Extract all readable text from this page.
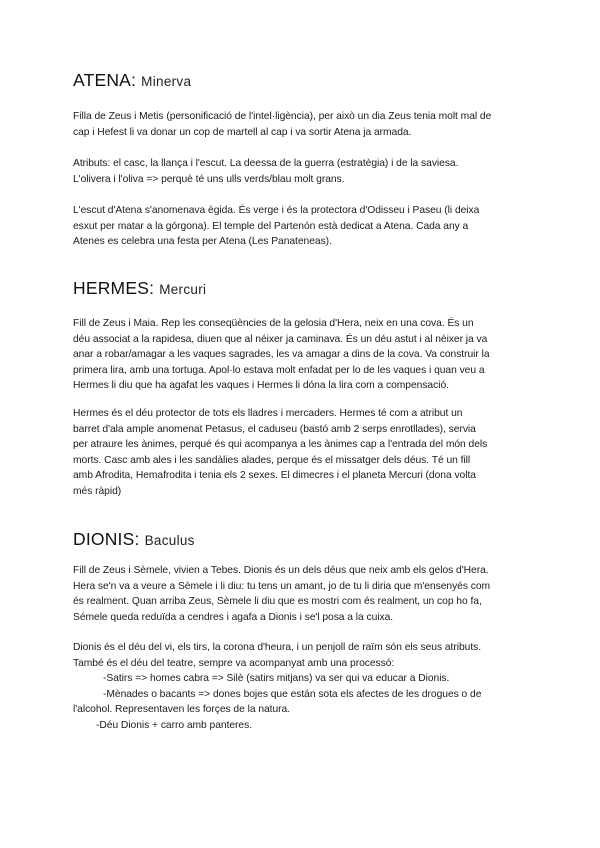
ATENA: Minerva

Filla de Zeus i Metis (personificació de l'intel·ligència), per això un dia Zeus tenia molt mal de

cap i Hefest li va donar un cop de martell al cap i va sortir Atena ja armada.

Atributs: el casc, la llança i l'escut. La deessa de la guerra (estratègia) i de la saviesa.

L'olivera i l'oliva => perquè té uns ulls verds/blau molt grans.

L'escut d'Atena s'anomenava ègida. És verge i és la protectora d'Odisseu i Paseu (li deixa

esxut per matar a la górgona). El temple del Partenón està dedicat a Atena. Cada any a

Atenes es celebra una festa per Atena (Les Panateneas).

HERMES: Mercuri

Fill de Zeus i Maia. Rep les conseqüències de la gelosia d'Hera, neix en una cova. És un

déu associat a la rapidesa, diuen que al néixer ja caminava. És un déu astut i al néixer ja va

anar a robar/amagar a les vaques sagrades, les va amagar a dins de la cova. Va construir la

primera lira, amb una tortuga. Apol·lo estava molt enfadat per lo de les vaques i quan veu a

Hermes li diu que ha agafat les vaques i Hermes li dóna la lira com a compensació.

Hermes és el déu protector de tots els lladres i mercaders. Hermes té com a atribut un

barret d'ala ample anomenat Petasus, el caduseu (bastó amb 2 serps enrotllades), servia

per atraure les ànimes, perqué és qui acompanya a les ànimes cap a l'entrada del món dels

morts. Casc amb ales i les sandàlies alades, perque és el missatger dels déus. Té un fill

amb Afrodita, Hemafrodita i tenia els 2 sexes. El dimecres i el planeta Mercuri (dona volta

més ràpid)

DIONIS: Baculus

Fill de Zeus i Sèmele, vivien a Tebes. Dionis és un dels déus que neix amb els gelos d'Hera.

Hera se'n va a veure a Sèmele i li diu: tu tens un amant, jo de tu li diria que m'ensenyés com

és realment. Quan arriba Zeus, Sèmele li diu que es mostri com és realment, un cop ho fa,

Sémele queda reduïda a cendres i agafa a Dionis i se'l posa a la cuixa.

Dionis és el déu del vi, els tirs, la corona d'heura, i un penjoll de raïm són els seus atributs.

També és el déu del teatre, sempre va acompanyat amb una processó:

-Satirs => homes cabra => Silè (satirs mitjans) va ser qui va educar a Dionis.

-Mènades o bacants => dones bojes que están sota els afectes de les drogues o de

l'alcohol. Representaven les forçes de la natura.

-Déu Dionis + carro amb panteres.
